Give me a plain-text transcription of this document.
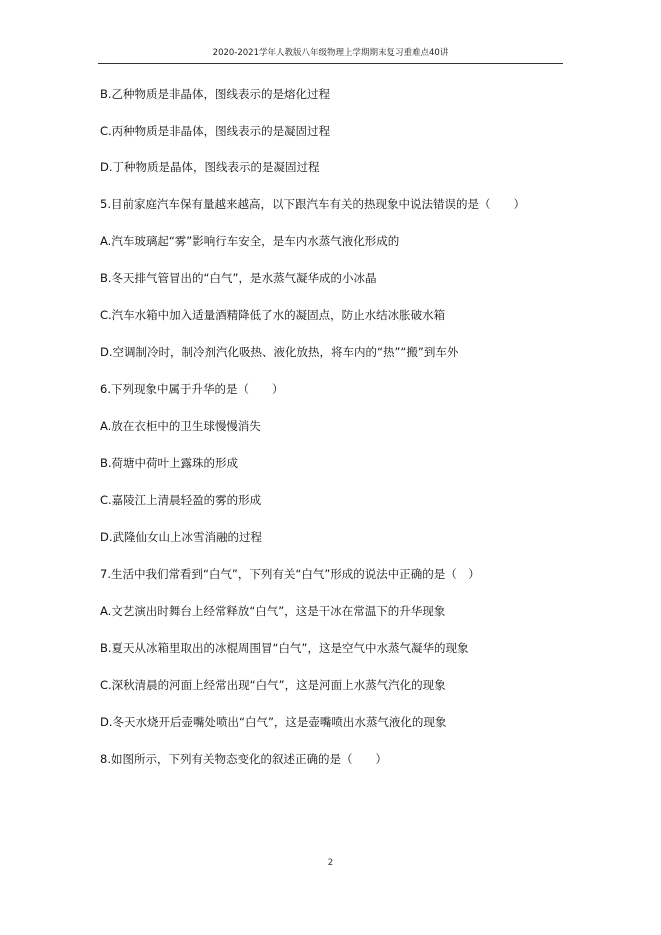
2020-2021学年人教版八年级物理上学期期末复习重难点40讲
B.乙种物质是非晶体，图线表示的是熔化过程
C.丙种物质是非晶体，图线表示的是凝固过程
D.丁种物质是晶体，图线表示的是凝固过程
5.目前家庭汽车保有量越来越高，以下跟汽车有关的热现象中说法错误的是（　　）
A.汽车玻璃起“雾”影响行车安全，是车内水蒸气液化形成的
B.冬天排气管冒出的“白气”，是水蒸气凝华成的小冰晶
C.汽车水箱中加入适量酒精降低了水的凝固点，防止水结冰胀破水箱
D.空调制冷时，制冷剂汽化吸热、液化放热，将车内的“热”“搬”到车外
6.下列现象中属于升华的是（　　）
A.放在衣柜中的卫生球慢慢消失
B.荷塘中荷叶上露珠的形成
C.嘉陵江上清晨轻盈的雾的形成
D.武隆仙女山上冰雪消融的过程
7.生活中我们常看到“白气”，下列有关“白气”形成的说法中正确的是（　）
A.文艺演出时舞台上经常释放“白气”，这是干冰在常温下的升华现象
B.夏天从冰箱里取出的冰棍周围冒“白气”，这是空气中水蒸气凝华的现象
C.深秋清晨的河面上经常出现“白气”，这是河面上水蒸气汽化的现象
D.冬天水烧开后壶嘴处喷出“白气”，这是壶嘴喷出水蒸气液化的现象
8.如图所示，下列有关物态变化的叙述正确的是（　　）
2
